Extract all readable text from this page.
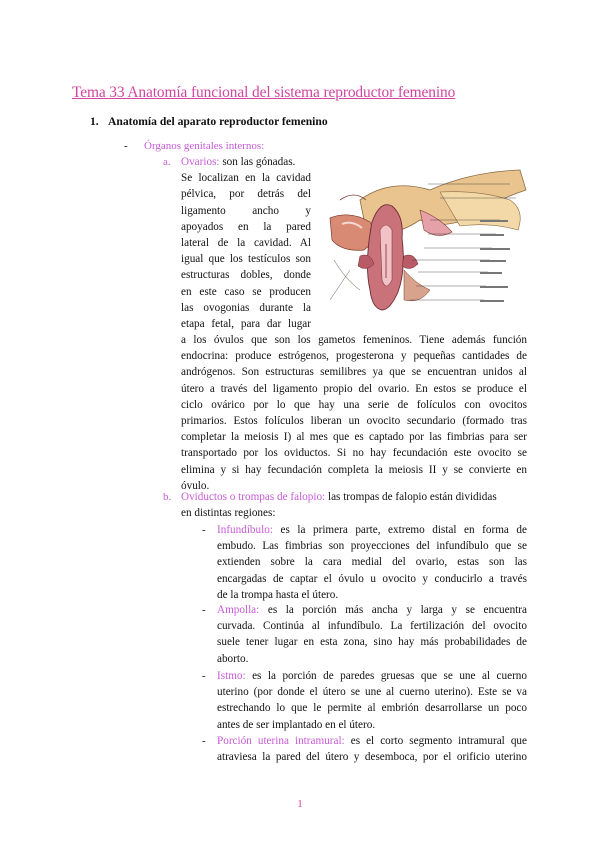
Tema 33 Anatomía funcional del sistema reproductor femenino
1. Anatomía del aparato reproductor femenino
- Órganos genitales internos:
a. Ovarios: son las gónadas.
Se localizan en la cavidad
pélvica, por detrás del
ligamento ancho y
apoyados en la pared
lateral de la cavidad. Al
igual que los testículos son
estructuras dobles, donde
en este caso se producen
las ovogonias durante la
etapa fetal, para dar lugar
a los óvulos que son los gametos femeninos. Tiene además función
endocrina: produce estrógenos, progesterona y pequeñas cantidades de
andrógenos. Son estructuras semilibres ya que se encuentran unidos al
útero a través del ligamento propio del ovario. En estos se produce el
ciclo ovárico por lo que hay una serie de folículos con ovocitos
primarios. Estos folículos liberan un ovocito secundario (formado tras
completar la meiosis I) al mes que es captado por las fimbrias para ser
transportado por los oviductos. Si no hay fecundación este ovocito se
elimina y si hay fecundación completa la meiosis II y se convierte en
óvulo.
b. Oviductos o trompas de falopio: las trompas de falopio están divididas
en distintas regiones:
- Infundíbulo: es la primera parte, extremo distal en forma de
embudo. Las fimbrias son proyecciones del infundíbulo que se
extienden sobre la cara medial del ovario, estas son las
encargadas de captar el óvulo u ovocito y conducirlo a través
de la trompa hasta el útero.
- Ampolla: es la porción más ancha y larga y se encuentra
curvada. Continúa al infundíbulo. La fertilización del ovocito
suele tener lugar en esta zona, sino hay más probabilidades de
aborto.
- Istmo: es la porción de paredes gruesas que se une al cuerno
uterino (por donde el útero se une al cuerno uterino). Este se va
estrechando lo que le permite al embrión desarrollarse un poco
antes de ser implantado en el útero.
- Porción uterina intramural: es el corto segmento intramural que
atraviesa la pared del útero y desemboca, por el orificio uterino
1
